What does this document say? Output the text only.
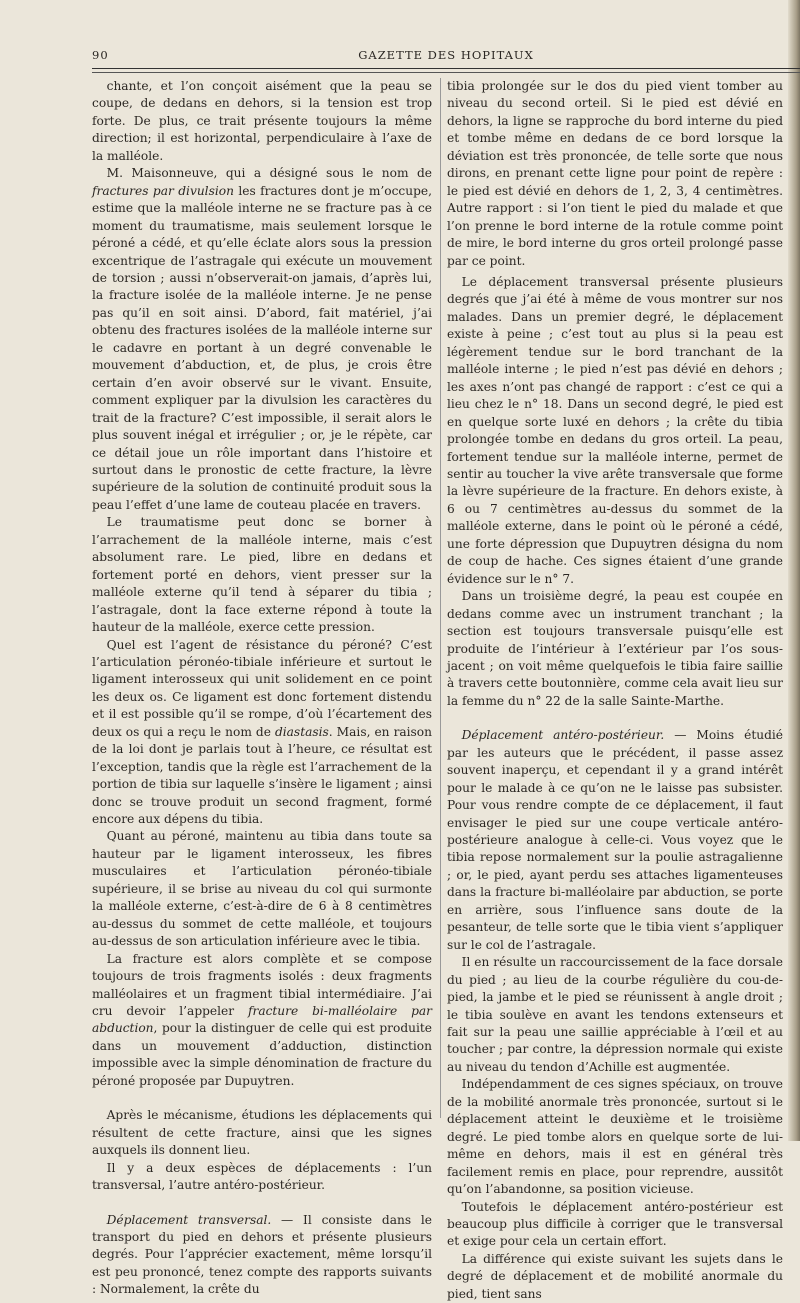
90	GAZETTE DES HOPITAUX

chante, et l’on conçoit aisément que la peau se coupe, de dedans en dehors, si la tension est trop forte. De plus, ce trait présente toujours la même direction; il est horizontal, perpendiculaire à l’axe de la malléole.

M. Maisonneuve, qui a désigné sous le nom de fractures par divulsion les fractures dont je m’occupe, estime que la malléole interne ne se fracture pas à ce moment du traumatisme, mais seulement lorsque le péroné a cédé, et qu’elle éclate alors sous la pression excentrique de l’astragale qui exécute un mouvement de torsion ; aussi n’observerait-on jamais, d’après lui, la fracture isolée de la malléole interne. Je ne pense pas qu’il en soit ainsi. D’abord, fait matériel, j’ai obtenu des fractures isolées de la malléole interne sur le cadavre en portant à un degré convenable le mouvement d’abduction, et, de plus, je crois être certain d’en avoir observé sur le vivant. Ensuite, comment expliquer par la divulsion les caractères du trait de la fracture? C’est impossible, il serait alors le plus souvent inégal et irrégulier ; or, je le répète, car ce détail joue un rôle important dans l’histoire et surtout dans le pronostic de cette fracture, la lèvre supérieure de la solution de continuité produit sous la peau l’effet d’une lame de couteau placée en travers.

Le traumatisme peut donc se borner à l’arrachement de la malléole interne, mais c’est absolument rare. Le pied, libre en dedans et fortement porté en dehors, vient presser sur la malléole externe qu’il tend à séparer du tibia ; l’astragale, dont la face externe répond à toute la hauteur de la malléole, exerce cette pression.

Quel est l’agent de résistance du péroné? C’est l’articulation péronéo-tibiale inférieure et surtout le ligament interosseux qui unit solidement en ce point les deux os. Ce ligament est donc fortement distendu et il est possible qu’il se rompe, d’où l’écartement des deux os qui a reçu le nom de diastasis. Mais, en raison de la loi dont je parlais tout à l’heure, ce résultat est l’exception, tandis que la règle est l’arrachement de la portion de tibia sur laquelle s’insère le ligament ; ainsi donc se trouve produit un second fragment, formé encore aux dépens du tibia.

Quant au péroné, maintenu au tibia dans toute sa hauteur par le ligament interosseux, les fibres musculaires et l’articulation péronéo-tibiale supérieure, il se brise au niveau du col qui surmonte la malléole externe, c’est-à-dire de 6 à 8 centimètres au-dessus du sommet de cette malléole, et toujours au-dessus de son articulation inférieure avec le tibia.

La fracture est alors complète et se compose toujours de trois fragments isolés : deux fragments malléolaires et un fragment tibial intermédiaire. J’ai cru devoir l’appeler fracture bi-malléolaire par abduction, pour la distinguer de celle qui est produite dans un mouvement d’adduction, distinction impossible avec la simple dénomination de fracture du péroné proposée par Dupuytren.

Après le mécanisme, étudions les déplacements qui résultent de cette fracture, ainsi que les signes auxquels ils donnent lieu.

Il y a deux espèces de déplacements : l’un transversal, l’autre antéro-postérieur.

Déplacement transversal. — Il consiste dans le transport du pied en dehors et présente plusieurs degrés. Pour l’apprécier exactement, même lorsqu’il est peu prononcé, tenez compte des rapports suivants : Normalement, la crête du

tibia prolongée sur le dos du pied vient tomber au niveau du second orteil. Si le pied est dévié en dehors, la ligne se rapproche du bord interne du pied et tombe même en dedans de ce bord lorsque la déviation est très prononcée, de telle sorte que nous dirons, en prenant cette ligne pour point de repère : le pied est dévié en dehors de 1, 2, 3, 4 centimètres. Autre rapport : si l’on tient le pied du malade et que l’on prenne le bord interne de la rotule comme point de mire, le bord interne du gros orteil prolongé passe par ce point.

Le déplacement transversal présente plusieurs degrés que j’ai été à même de vous montrer sur nos malades. Dans un premier degré, le déplacement existe à peine ; c’est tout au plus si la peau est légèrement tendue sur le bord tranchant de la malléole interne ; le pied n’est pas dévié en dehors ; les axes n’ont pas changé de rapport : c’est ce qui a lieu chez le n° 18. Dans un second degré, le pied est en quelque sorte luxé en dehors ; la crête du tibia prolongée tombe en dedans du gros orteil. La peau, fortement tendue sur la malléole interne, permet de sentir au toucher la vive arête transversale que forme la lèvre supérieure de la fracture. En dehors existe, à 6 ou 7 centimètres au-dessus du sommet de la malléole externe, dans le point où le péroné a cédé, une forte dépression que Dupuytren désigna du nom de coup de hache. Ces signes étaient d’une grande évidence sur le n° 7.

Dans un troisième degré, la peau est coupée en dedans comme avec un instrument tranchant ; la section est toujours transversale puisqu’elle est produite de l’intérieur à l’extérieur par l’os sous-jacent ; on voit même quelquefois le tibia faire saillie à travers cette boutonnière, comme cela avait lieu sur la femme du n° 22 de la salle Sainte-Marthe.

Déplacement antéro-postérieur. — Moins étudié par les auteurs que le précédent, il passe assez souvent inaperçu, et cependant il y a grand intérêt pour le malade à ce qu’on ne le laisse pas subsister. Pour vous rendre compte de ce déplacement, il faut envisager le pied sur une coupe verticale antéro-postérieure analogue à celle-ci. Vous voyez que le tibia repose normalement sur la poulie astragalienne ; or, le pied, ayant perdu ses attaches ligamenteuses dans la fracture bi-malléolaire par abduction, se porte en arrière, sous l’influence sans doute de la pesanteur, de telle sorte que le tibia vient s’appliquer sur le col de l’astragale.

Il en résulte un raccourcissement de la face dorsale du pied ; au lieu de la courbe régulière du cou-de-pied, la jambe et le pied se réunissent à angle droit ; le tibia soulève en avant les tendons extenseurs et fait sur la peau une saillie appréciable à l’œil et au toucher ; par contre, la dépression normale qui existe au niveau du tendon d’Achille est augmentée.

Indépendamment de ces signes spéciaux, on trouve de la mobilité anormale très prononcée, surtout si le déplacement atteint le deuxième et le troisième degré. Le pied tombe alors en quelque sorte de lui-même en dehors, mais il est en général très facilement remis en place, pour reprendre, aussitôt qu’on l’abandonne, sa position vicieuse.

Toutefois le déplacement antéro-postérieur est beaucoup plus difficile à corriger que le transversal et exige pour cela un certain effort.

La différence qui existe suivant les sujets dans le degré de déplacement et de mobilité anormale du pied, tient sans
